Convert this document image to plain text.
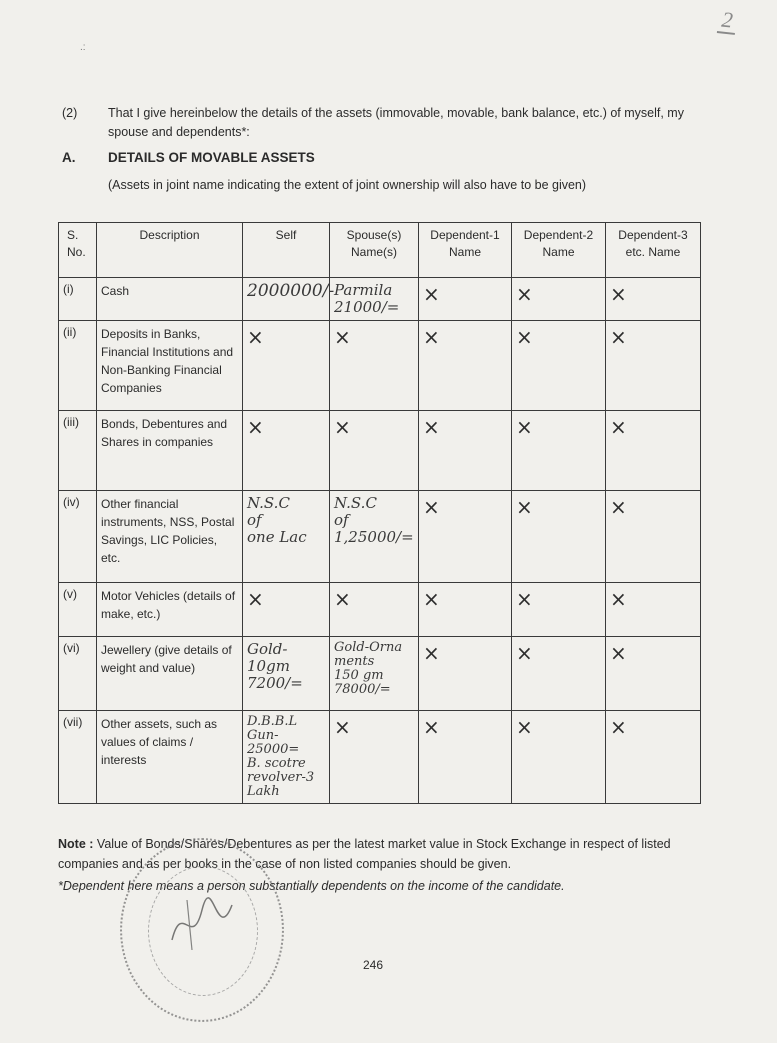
2
.:
(2) That I give hereinbelow the details of the assets (immovable, movable, bank balance, etc.) of myself, my spouse and dependents*:
A. DETAILS OF MOVABLE ASSETS
(Assets in joint name indicating the extent of joint ownership will also have to be given)
S. No.	Description	Self	Spouse(s) Name(s)	Dependent-1 Name	Dependent-2 Name	Dependent-3 etc. Name
(i)	Cash	2000000/-	Parmila
21000/=	×	×	×
(ii)	Deposits in Banks, Financial Institutions and Non-Banking Financial Companies	×	×	×	×	×
(iii)	Bonds, Debentures and Shares in companies	×	×	×	×	×
(iv)	Other financial instruments, NSS, Postal Savings, LIC Policies, etc.	N.S.C
of
one Lac	N.S.C
of
1,25000/=	×	×	×
(v)	Motor Vehicles (details of make, etc.)	×	×	×	×	×
(vi)	Jewellery (give details of weight and value)	Gold-10gm
7200/=	Gold-Orna
ments
150 gm
78000/=	×	×	×
(vii)	Other assets, such as values of claims / interests	D.B.B.L
Gun-25000=
B. scotre
revolver-3
Lakh	×	×	×	×
Note : Value of Bonds/Shares/Debentures as per the latest market value in Stock Exchange in respect of listed companies and as per books in the case of non listed companies should be given.
*Dependent here means a person substantially dependents on the income of the candidate.
246
